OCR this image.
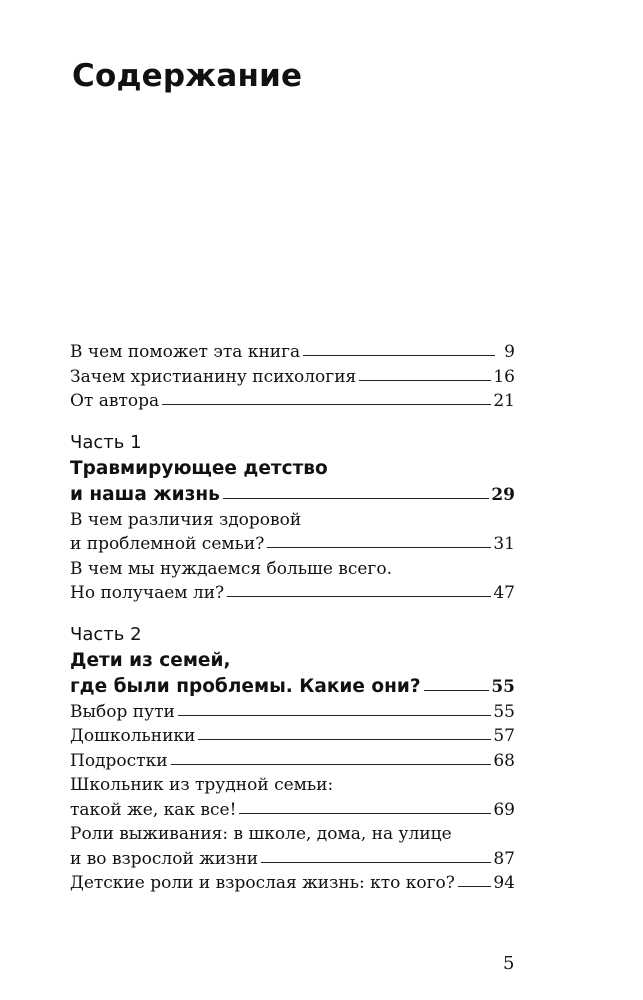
Содержание
В чем поможет эта книга	9
Зачем христианину психология	16
От автора	21
Часть 1
Травмирующее детство
и наша жизнь	29
В чем различия здоровой
и проблемной семьи?	31
В чем мы нуждаемся больше всего.
Но получаем ли?	47
Часть 2
Дети из семей,
где были проблемы. Какие они?	55
Выбор пути	55
Дошкольники	57
Подростки	68
Школьник из трудной семьи:
такой же, как все!	69
Роли выживания: в школе, дома, на улице
и во взрослой жизни	87
Детские роли и взрослая жизнь: кто кого? 94
5
